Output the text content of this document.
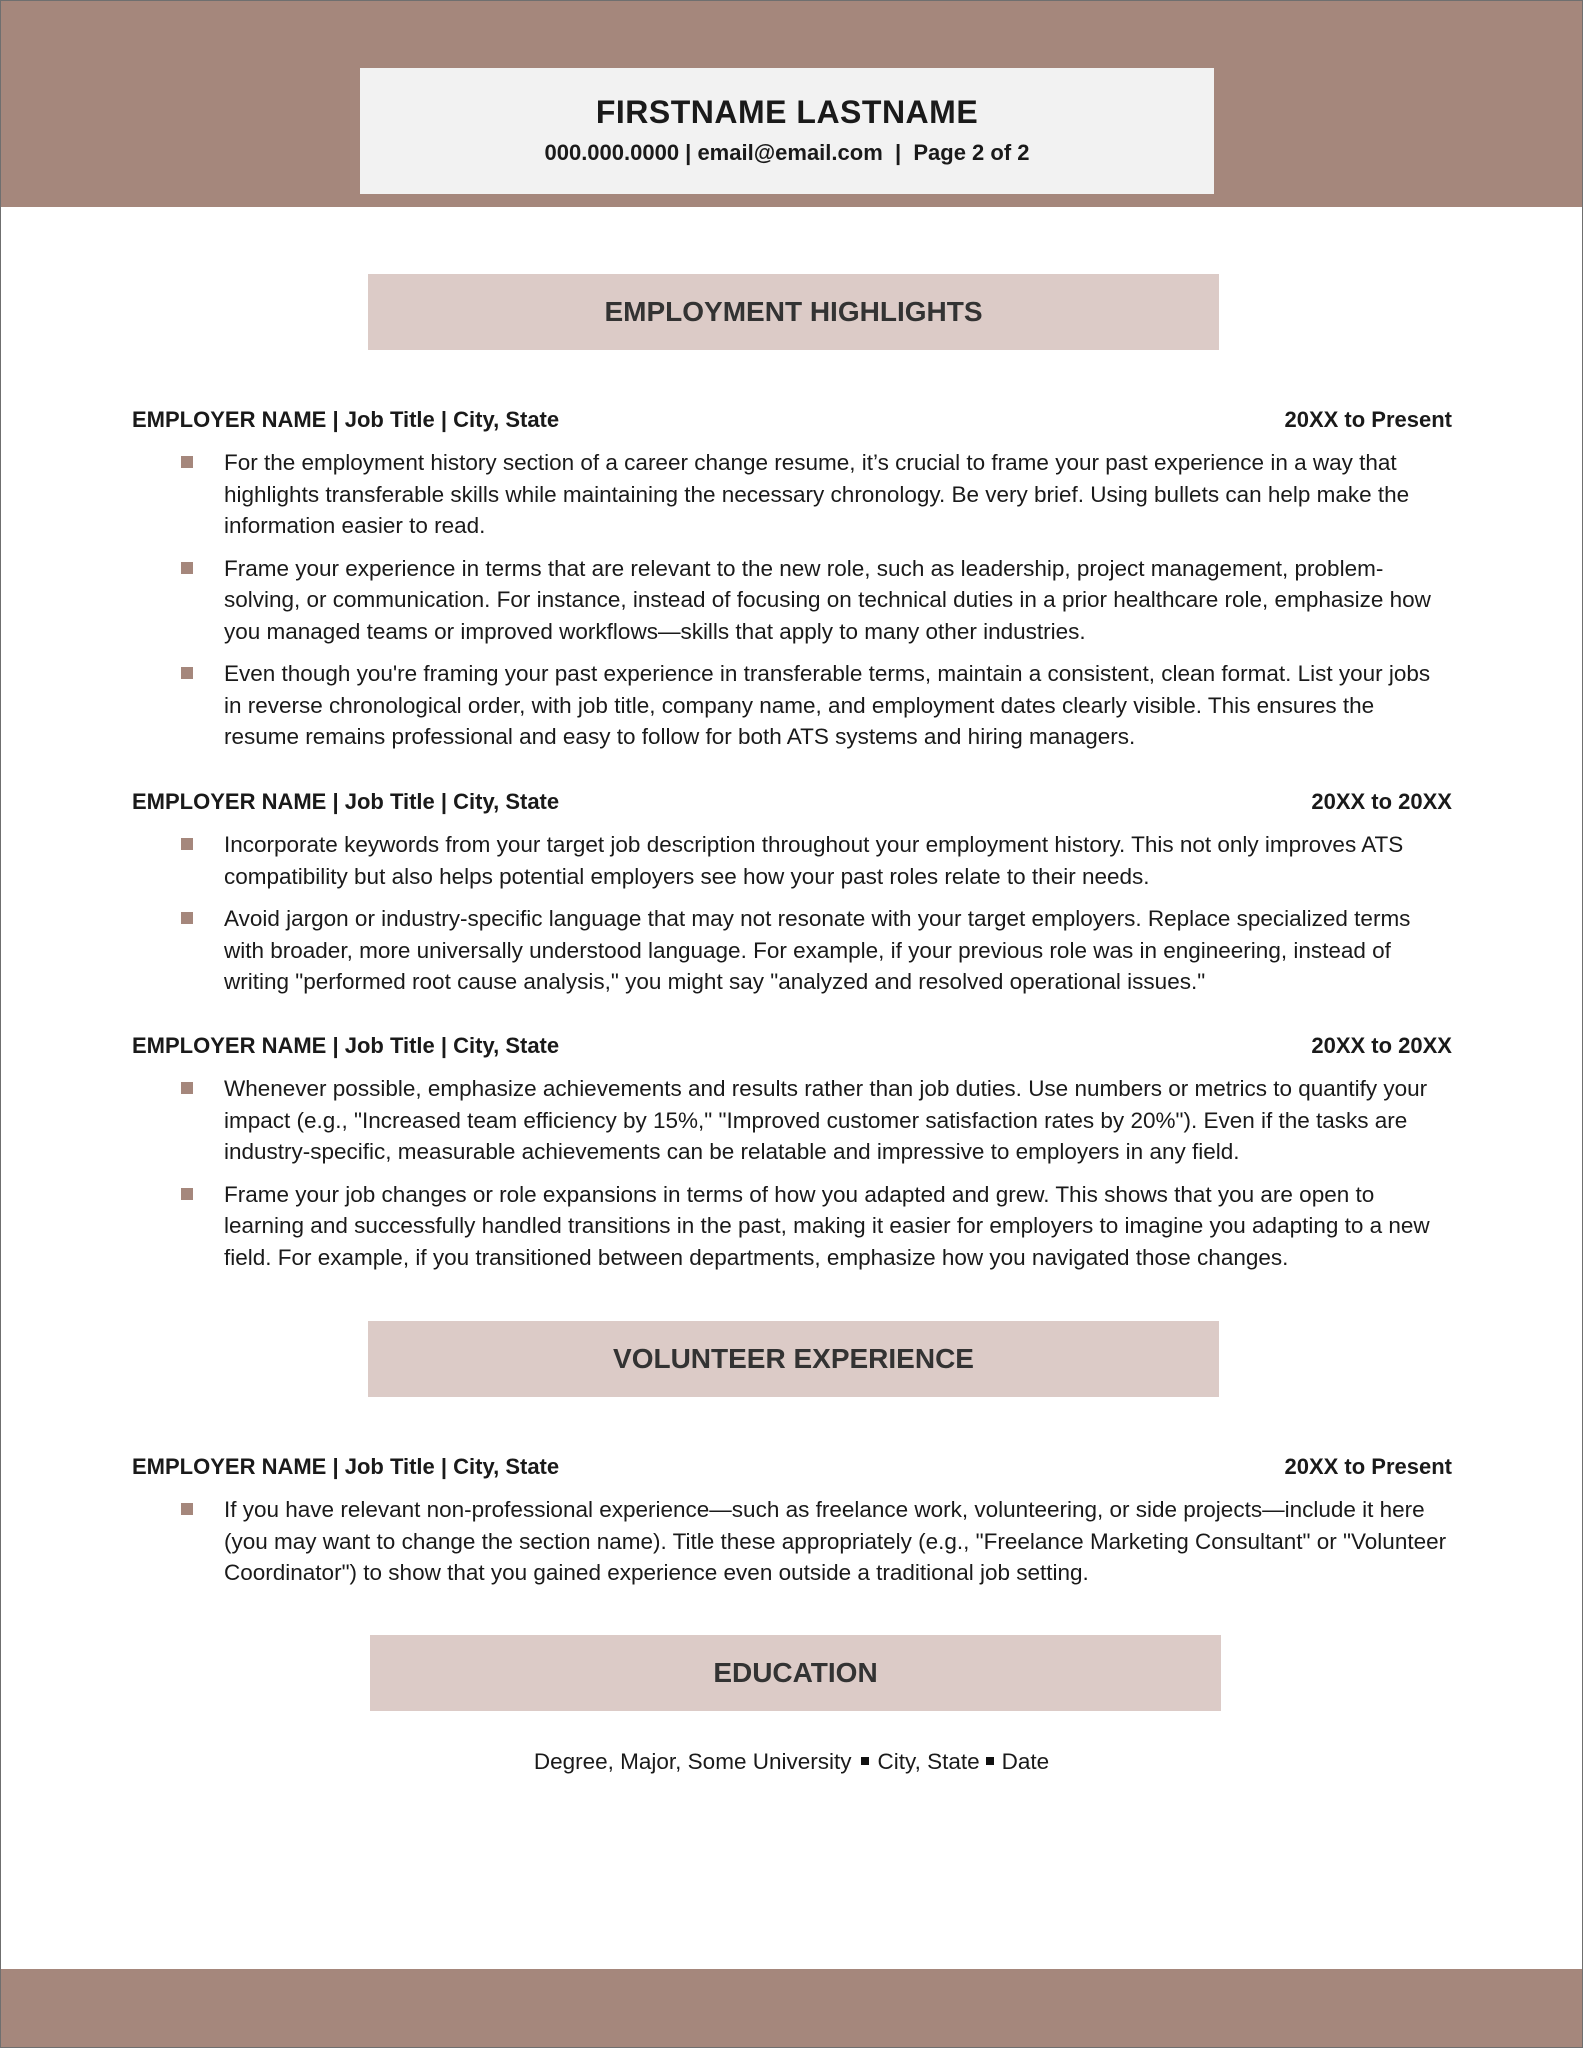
FIRSTNAME LASTNAME
000.000.0000 | email@email.com  |  Page 2 of 2
EMPLOYMENT HIGHLIGHTS
EMPLOYER NAME | Job Title | City, State	20XX to Present
For the employment history section of a career change resume, it’s crucial to frame your past experience in a way that highlights transferable skills while maintaining the necessary chronology. Be very brief. Using bullets can help make the information easier to read.
Frame your experience in terms that are relevant to the new role, such as leadership, project management, problem-solving, or communication. For instance, instead of focusing on technical duties in a prior healthcare role, emphasize how you managed teams or improved workflows—skills that apply to many other industries.
Even though you're framing your past experience in transferable terms, maintain a consistent, clean format. List your jobs in reverse chronological order, with job title, company name, and employment dates clearly visible. This ensures the resume remains professional and easy to follow for both ATS systems and hiring managers.
EMPLOYER NAME | Job Title | City, State	20XX to 20XX
Incorporate keywords from your target job description throughout your employment history. This not only improves ATS compatibility but also helps potential employers see how your past roles relate to their needs.
Avoid jargon or industry-specific language that may not resonate with your target employers. Replace specialized terms with broader, more universally understood language. For example, if your previous role was in engineering, instead of writing "performed root cause analysis," you might say "analyzed and resolved operational issues."
EMPLOYER NAME | Job Title | City, State	20XX to 20XX
Whenever possible, emphasize achievements and results rather than job duties. Use numbers or metrics to quantify your impact (e.g., "Increased team efficiency by 15%," "Improved customer satisfaction rates by 20%"). Even if the tasks are industry-specific, measurable achievements can be relatable and impressive to employers in any field.
Frame your job changes or role expansions in terms of how you adapted and grew. This shows that you are open to learning and successfully handled transitions in the past, making it easier for employers to imagine you adapting to a new field. For example, if you transitioned between departments, emphasize how you navigated those changes.
VOLUNTEER EXPERIENCE
EMPLOYER NAME | Job Title | City, State	20XX to Present
If you have relevant non-professional experience—such as freelance work, volunteering, or side projects—include it here (you may want to change the section name). Title these appropriately (e.g., "Freelance Marketing Consultant" or "Volunteer Coordinator") to show that you gained experience even outside a traditional job setting.
EDUCATION
Degree, Major, Some University City, State Date
